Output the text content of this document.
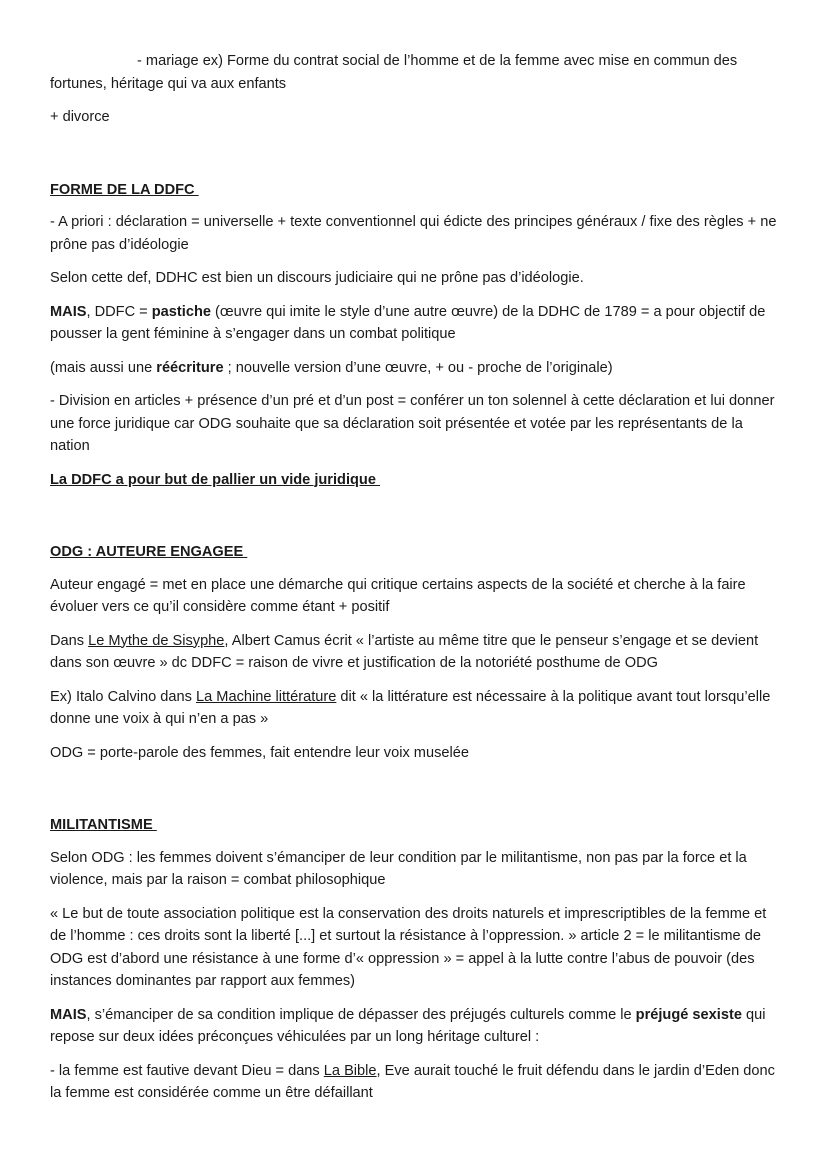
- mariage ex) Forme du contrat social de l’homme et de la femme avec mise en commun des fortunes, héritage qui va aux enfants

+ divorce

FORME DE LA DDFC

- A priori : déclaration = universelle + texte conventionnel qui édicte des principes généraux / fixe des règles + ne prône pas d’idéologie

Selon cette def, DDHC est bien un discours judiciaire qui ne prône pas d’idéologie.

MAIS, DDFC = pastiche (œuvre qui imite le style d’une autre œuvre) de la DDHC de 1789 = a pour objectif de pousser la gent féminine à s’engager dans un combat politique

(mais aussi une réécriture ; nouvelle version d’une œuvre, + ou - proche de l’originale)

- Division en articles + présence d’un pré et d’un post = conférer un ton solennel à cette déclaration et lui donner une force juridique car ODG souhaite que sa déclaration soit présentée et votée par les représentants de la nation

La DDFC a pour but de pallier un vide juridique

ODG : AUTEURE ENGAGEE

Auteur engagé = met en place une démarche qui critique certains aspects de la société et cherche à la faire évoluer vers ce qu’il considère comme étant + positif

Dans Le Mythe de Sisyphe, Albert Camus écrit « l’artiste au même titre que le penseur s’engage et se devient dans son œuvre » dc DDFC = raison de vivre et justification de la notoriété posthume de ODG

Ex) Italo Calvino dans La Machine littérature dit « la littérature est nécessaire à la politique avant tout lorsqu’elle donne une voix à qui n’en a pas »

ODG = porte-parole des femmes, fait entendre leur voix muselée

MILITANTISME

Selon ODG : les femmes doivent s’émanciper de leur condition par le militantisme, non pas par la force et la violence, mais par la raison = combat philosophique

« Le but de toute association politique est la conservation des droits naturels et imprescriptibles de la femme et de l’homme : ces droits sont la liberté [...] et surtout la résistance à l’oppression. » article 2 = le militantisme de ODG est d’abord une résistance à une forme d’« oppression » = appel à la lutte contre l’abus de pouvoir (des instances dominantes par rapport aux femmes)

MAIS, s’émanciper de sa condition implique de dépasser des préjugés culturels comme le préjugé sexiste qui repose sur deux idées préconçues véhiculées par un long héritage culturel :

- la femme est fautive devant Dieu = dans La Bible, Eve aurait touché le fruit défendu dans le jardin d’Eden donc la femme est considérée comme un être défaillant
